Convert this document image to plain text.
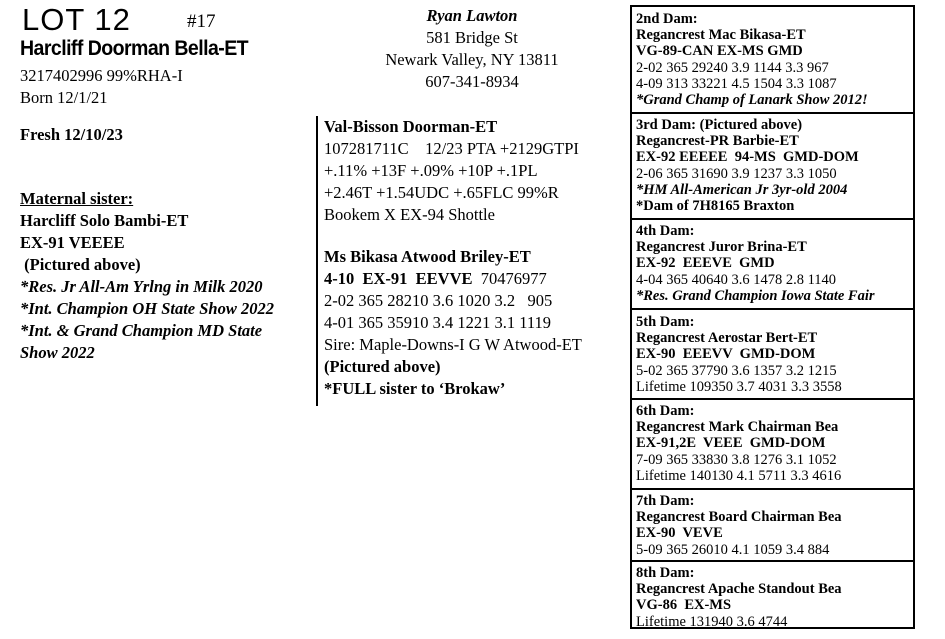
LOT 12	#17
Harcliff Doorman Bella-ET
3217402996 99%RHA-I
Born 12/1/21
Fresh 12/10/23
Maternal sister:
Harcliff Solo Bambi-ET
EX-91 VEEEE
(Pictured above)
*Res. Jr All-Am Yrlng in Milk 2020
*Int. Champion OH State Show 2022
*Int. & Grand Champion MD State
Show 2022
Ryan Lawton
581 Bridge St
Newark Valley, NY 13811
607-341-8934
Val-Bisson Doorman-ET
107281711C    12/23 PTA +2129GTPI
+.11% +13F +.09% +10P +.1PL
+2.46T +1.54UDC +.65FLC 99%R
Bookem X EX-94 Shottle
Ms Bikasa Atwood Briley-ET
4-10  EX-91  EEVVE  70476977
2-02 365 28210 3.6 1020 3.2   905
4-01 365 35910 3.4 1221 3.1 1119
Sire: Maple-Downs-I G W Atwood-ET
(Pictured above)
*FULL sister to ‘Brokaw’
2nd Dam:
Regancrest Mac Bikasa-ET
VG-89-CAN EX-MS GMD
2-02 365 29240 3.9 1144 3.3 967
4-09 313 33221 4.5 1504 3.3 1087
*Grand Champ of Lanark Show 2012!
3rd Dam: (Pictured above)
Regancrest-PR Barbie-ET
EX-92 EEEEE  94-MS  GMD-DOM
2-06 365 31690 3.9 1237 3.3 1050
*HM All-American Jr 3yr-old 2004
*Dam of 7H8165 Braxton
4th Dam:
Regancrest Juror Brina-ET
EX-92  EEEVE  GMD
4-04 365 40640 3.6 1478 2.8 1140
*Res. Grand Champion Iowa State Fair
5th Dam:
Regancrest Aerostar Bert-ET
EX-90  EEEVV  GMD-DOM
5-02 365 37790 3.6 1357 3.2 1215
Lifetime 109350 3.7 4031 3.3 3558
6th Dam:
Regancrest Mark Chairman Bea
EX-91,2E  VEEE  GMD-DOM
7-09 365 33830 3.8 1276 3.1 1052
Lifetime 140130 4.1 5711 3.3 4616
7th Dam:
Regancrest Board Chairman Bea
EX-90  VEVE
5-09 365 26010 4.1 1059 3.4 884
8th Dam:
Regancrest Apache Standout Bea
VG-86  EX-MS
Lifetime 131940 3.6 4744
